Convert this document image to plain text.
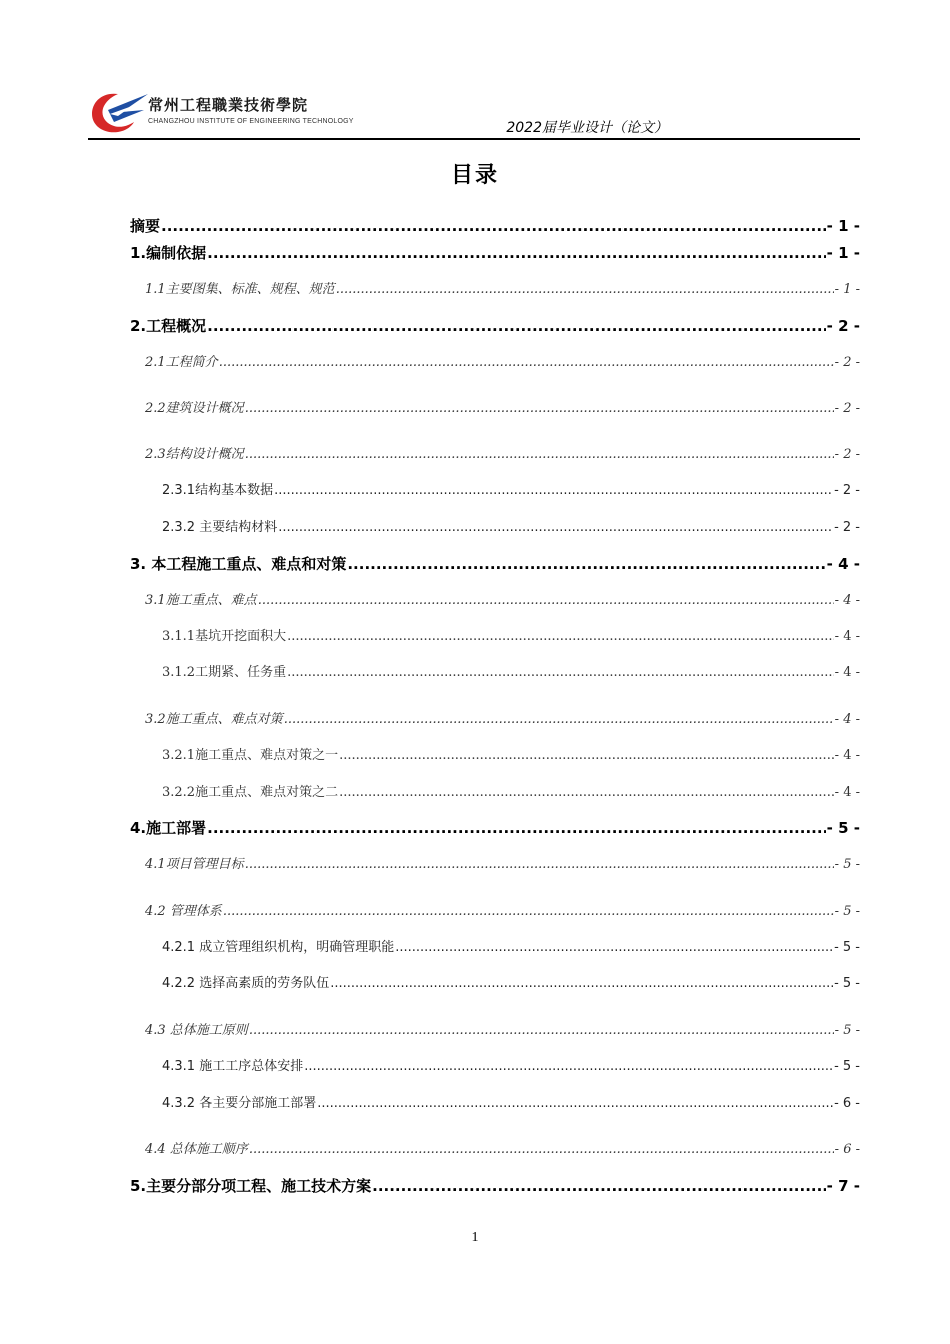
常州工程職業技術學院
CHANGZHOU INSTITUTE OF ENGINEERING TECHNOLOGY	2022届毕业设计（论文）
目录
摘要 .....	- 1 -
1.编制依据 .....	- 1 -
1.1主要图集、标准、规程、规范 .....	- 1 -
2.工程概况 .....	- 2 -
2.1工程简介 .....	- 2 -
2.2建筑设计概况 .....	- 2 -
2.3结构设计概况 .....	- 2 -
2.3.1结构基本数据 .....	- 2 -
2.3.2 主要结构材料 .....	- 2 -
3. 本工程施工重点、难点和对策 .....	- 4 -
3.1施工重点、难点 .....	- 4 -
3.1.1基坑开挖面积大 .....	- 4 -
3.1.2工期紧、任务重 .....	- 4 -
3.2施工重点、难点对策 .....	- 4 -
3.2.1施工重点、难点对策之一 .....	- 4 -
3.2.2施工重点、难点对策之二 .....	- 4 -
4.施工部署 .....	- 5 -
4.1项目管理目标 .....	- 5 -
4.2 管理体系 .....	- 5 -
4.2.1 成立管理组织机构，明确管理职能 .....	- 5 -
4.2.2 选择高素质的劳务队伍 .....	- 5 -
4.3 总体施工原则 .....	- 5 -
4.3.1 施工工序总体安排 .....	- 5 -
4.3.2 各主要分部施工部署 .....	- 6 -
4.4 总体施工顺序 .....	- 6 -
5.主要分部分项工程、施工技术方案 .....	- 7 -
1
